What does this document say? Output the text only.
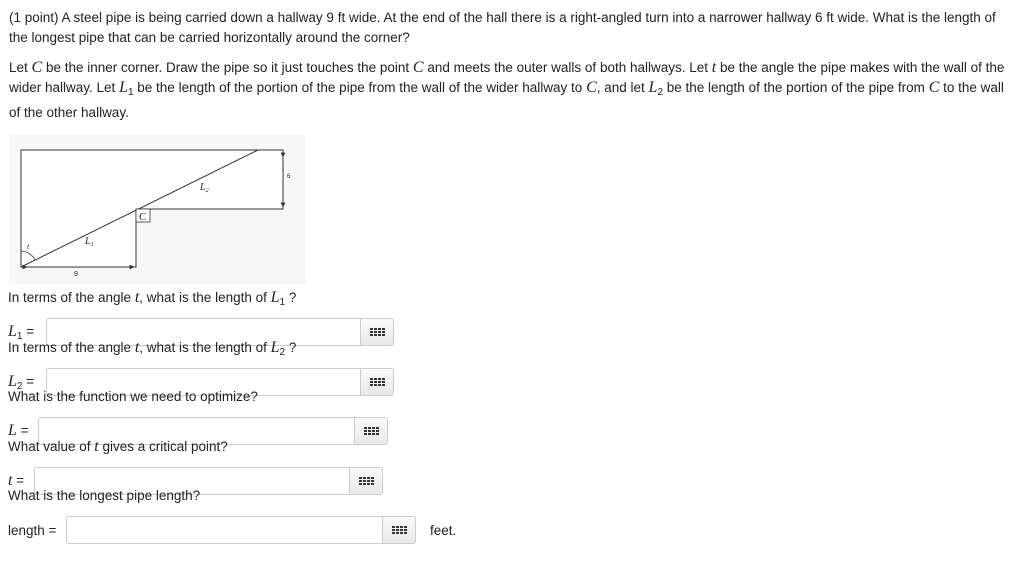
(1 point) A steel pipe is being carried down a hallway 9 ft wide. At the end of the hall there is a right-angled turn into a narrower hallway 6 ft wide. What is the length of the longest pipe that can be carried horizontally around the corner?

Let C be the inner corner. Draw the pipe so it just touches the point C and meets the outer walls of both hallways. Let t be the angle the pipe makes with the wall of the wider hallway. Let $L_1$ be the length of the portion of the pipe from the wall of the wider hallway to C, and let $L_2$ be the length of the portion of the pipe from C to the wall of the other hallway.

C
$L_2$
$L_1$
t
9
6
In terms of the angle t, what is the length of $L_1$ ?
$L_1$ =
In terms of the angle t, what is the length of $L_2$ ?
$L_2$ =
What is the function we need to optimize?
L =
What value of t gives a critical point?
t =
What is the longest pipe length?
length =	feet.
